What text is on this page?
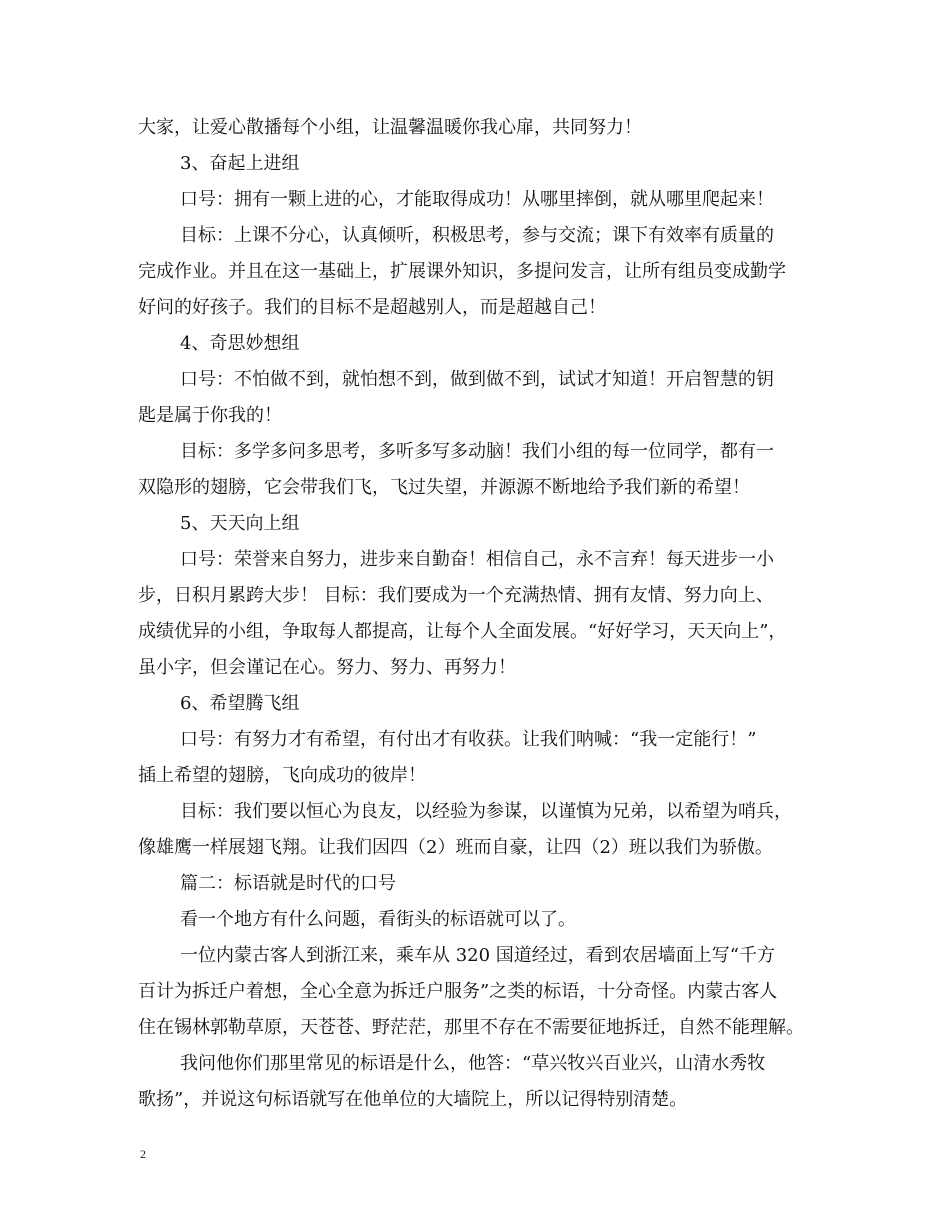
大家，让爱心散播每个小组，让温馨温暖你我心扉，共同努力！
3、奋起上进组
口号：拥有一颗上进的心，才能取得成功！从哪里摔倒，就从哪里爬起来！
目标：上课不分心，认真倾听，积极思考，参与交流；课下有效率有质量的
完成作业。并且在这一基础上，扩展课外知识，多提问发言，让所有组员变成勤学
好问的好孩子。我们的目标不是超越别人，而是超越自己！
4、奇思妙想组
口号：不怕做不到，就怕想不到，做到做不到，试试才知道！开启智慧的钥
匙是属于你我的！
目标：多学多问多思考，多听多写多动脑！我们小组的每一位同学，都有一
双隐形的翅膀，它会带我们飞，飞过失望，并源源不断地给予我们新的希望！
5、天天向上组
口号：荣誉来自努力，进步来自勤奋！相信自己，永不言弃！每天进步一小
步，日积月累跨大步！ 目标：我们要成为一个充满热情、拥有友情、努力向上、
成绩优异的小组，争取每人都提高，让每个人全面发展。“好好学习，天天向上”，
虽小字，但会谨记在心。努力、努力、再努力！
6、希望腾飞组
口号：有努力才有希望，有付出才有收获。让我们呐喊：“我一定能行！”
插上希望的翅膀，飞向成功的彼岸！
目标：我们要以恒心为良友，以经验为参谋，以谨慎为兄弟，以希望为哨兵，
像雄鹰一样展翅飞翔。让我们因四（2）班而自豪，让四（2）班以我们为骄傲。
篇二：标语就是时代的口号
看一个地方有什么问题，看街头的标语就可以了。
一位内蒙古客人到浙江来，乘车从 320 国道经过，看到农居墙面上写“千方
百计为拆迁户着想，全心全意为拆迁户服务”之类的标语，十分奇怪。内蒙古客人
住在锡林郭勒草原，天苍苍、野茫茫，那里不存在不需要征地拆迁，自然不能理解。
我问他你们那里常见的标语是什么，他答：“草兴牧兴百业兴，山清水秀牧
歌扬”，并说这句标语就写在他单位的大墙院上，所以记得特别清楚。
2
